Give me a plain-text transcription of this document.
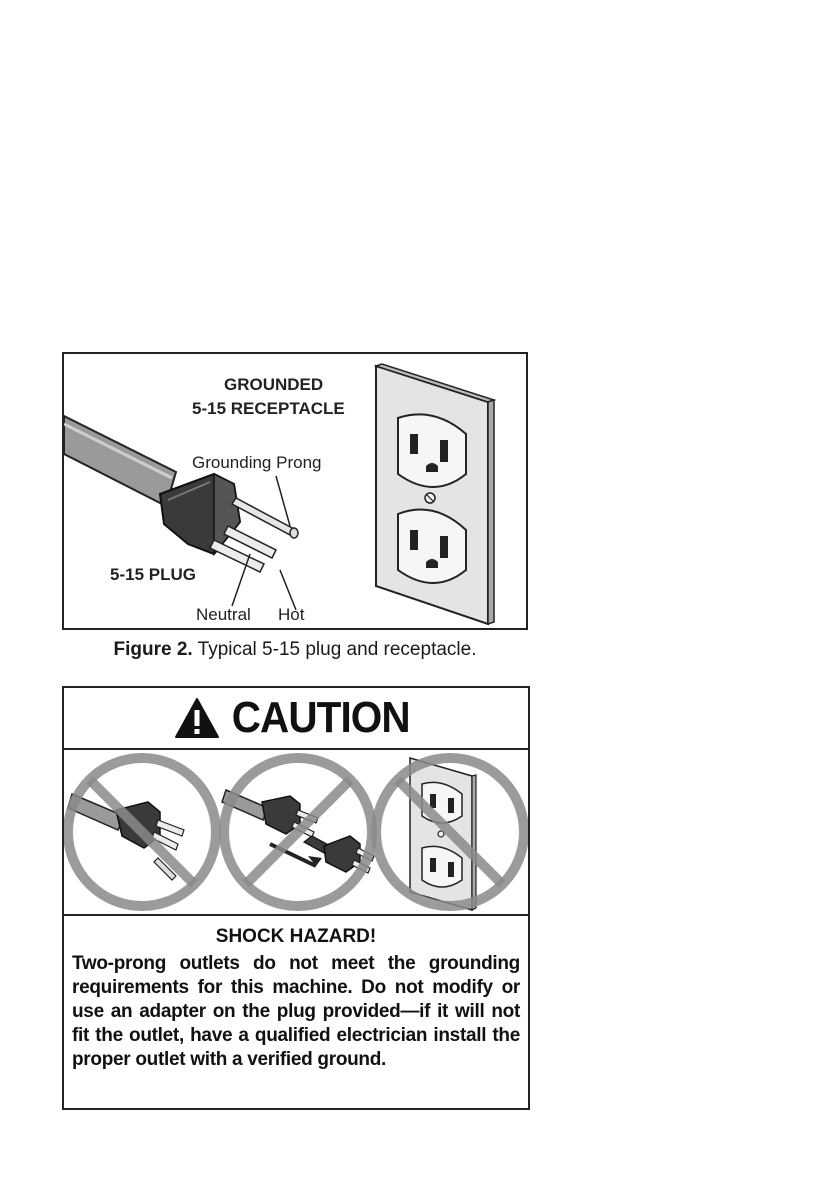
GROUNDED
5-15 RECEPTACLE
Grounding Prong
5-15 PLUG
Neutral Hot
Figure 2. Typical 5-15 plug and receptacle.
CAUTION
SHOCK HAZARD!
Two-prong outlets do not meet the grounding requirements for this machine. Do not modify or use an adapter on the plug provided—if it will not fit the outlet, have a qualified electrician install the proper outlet with a verified ground.
